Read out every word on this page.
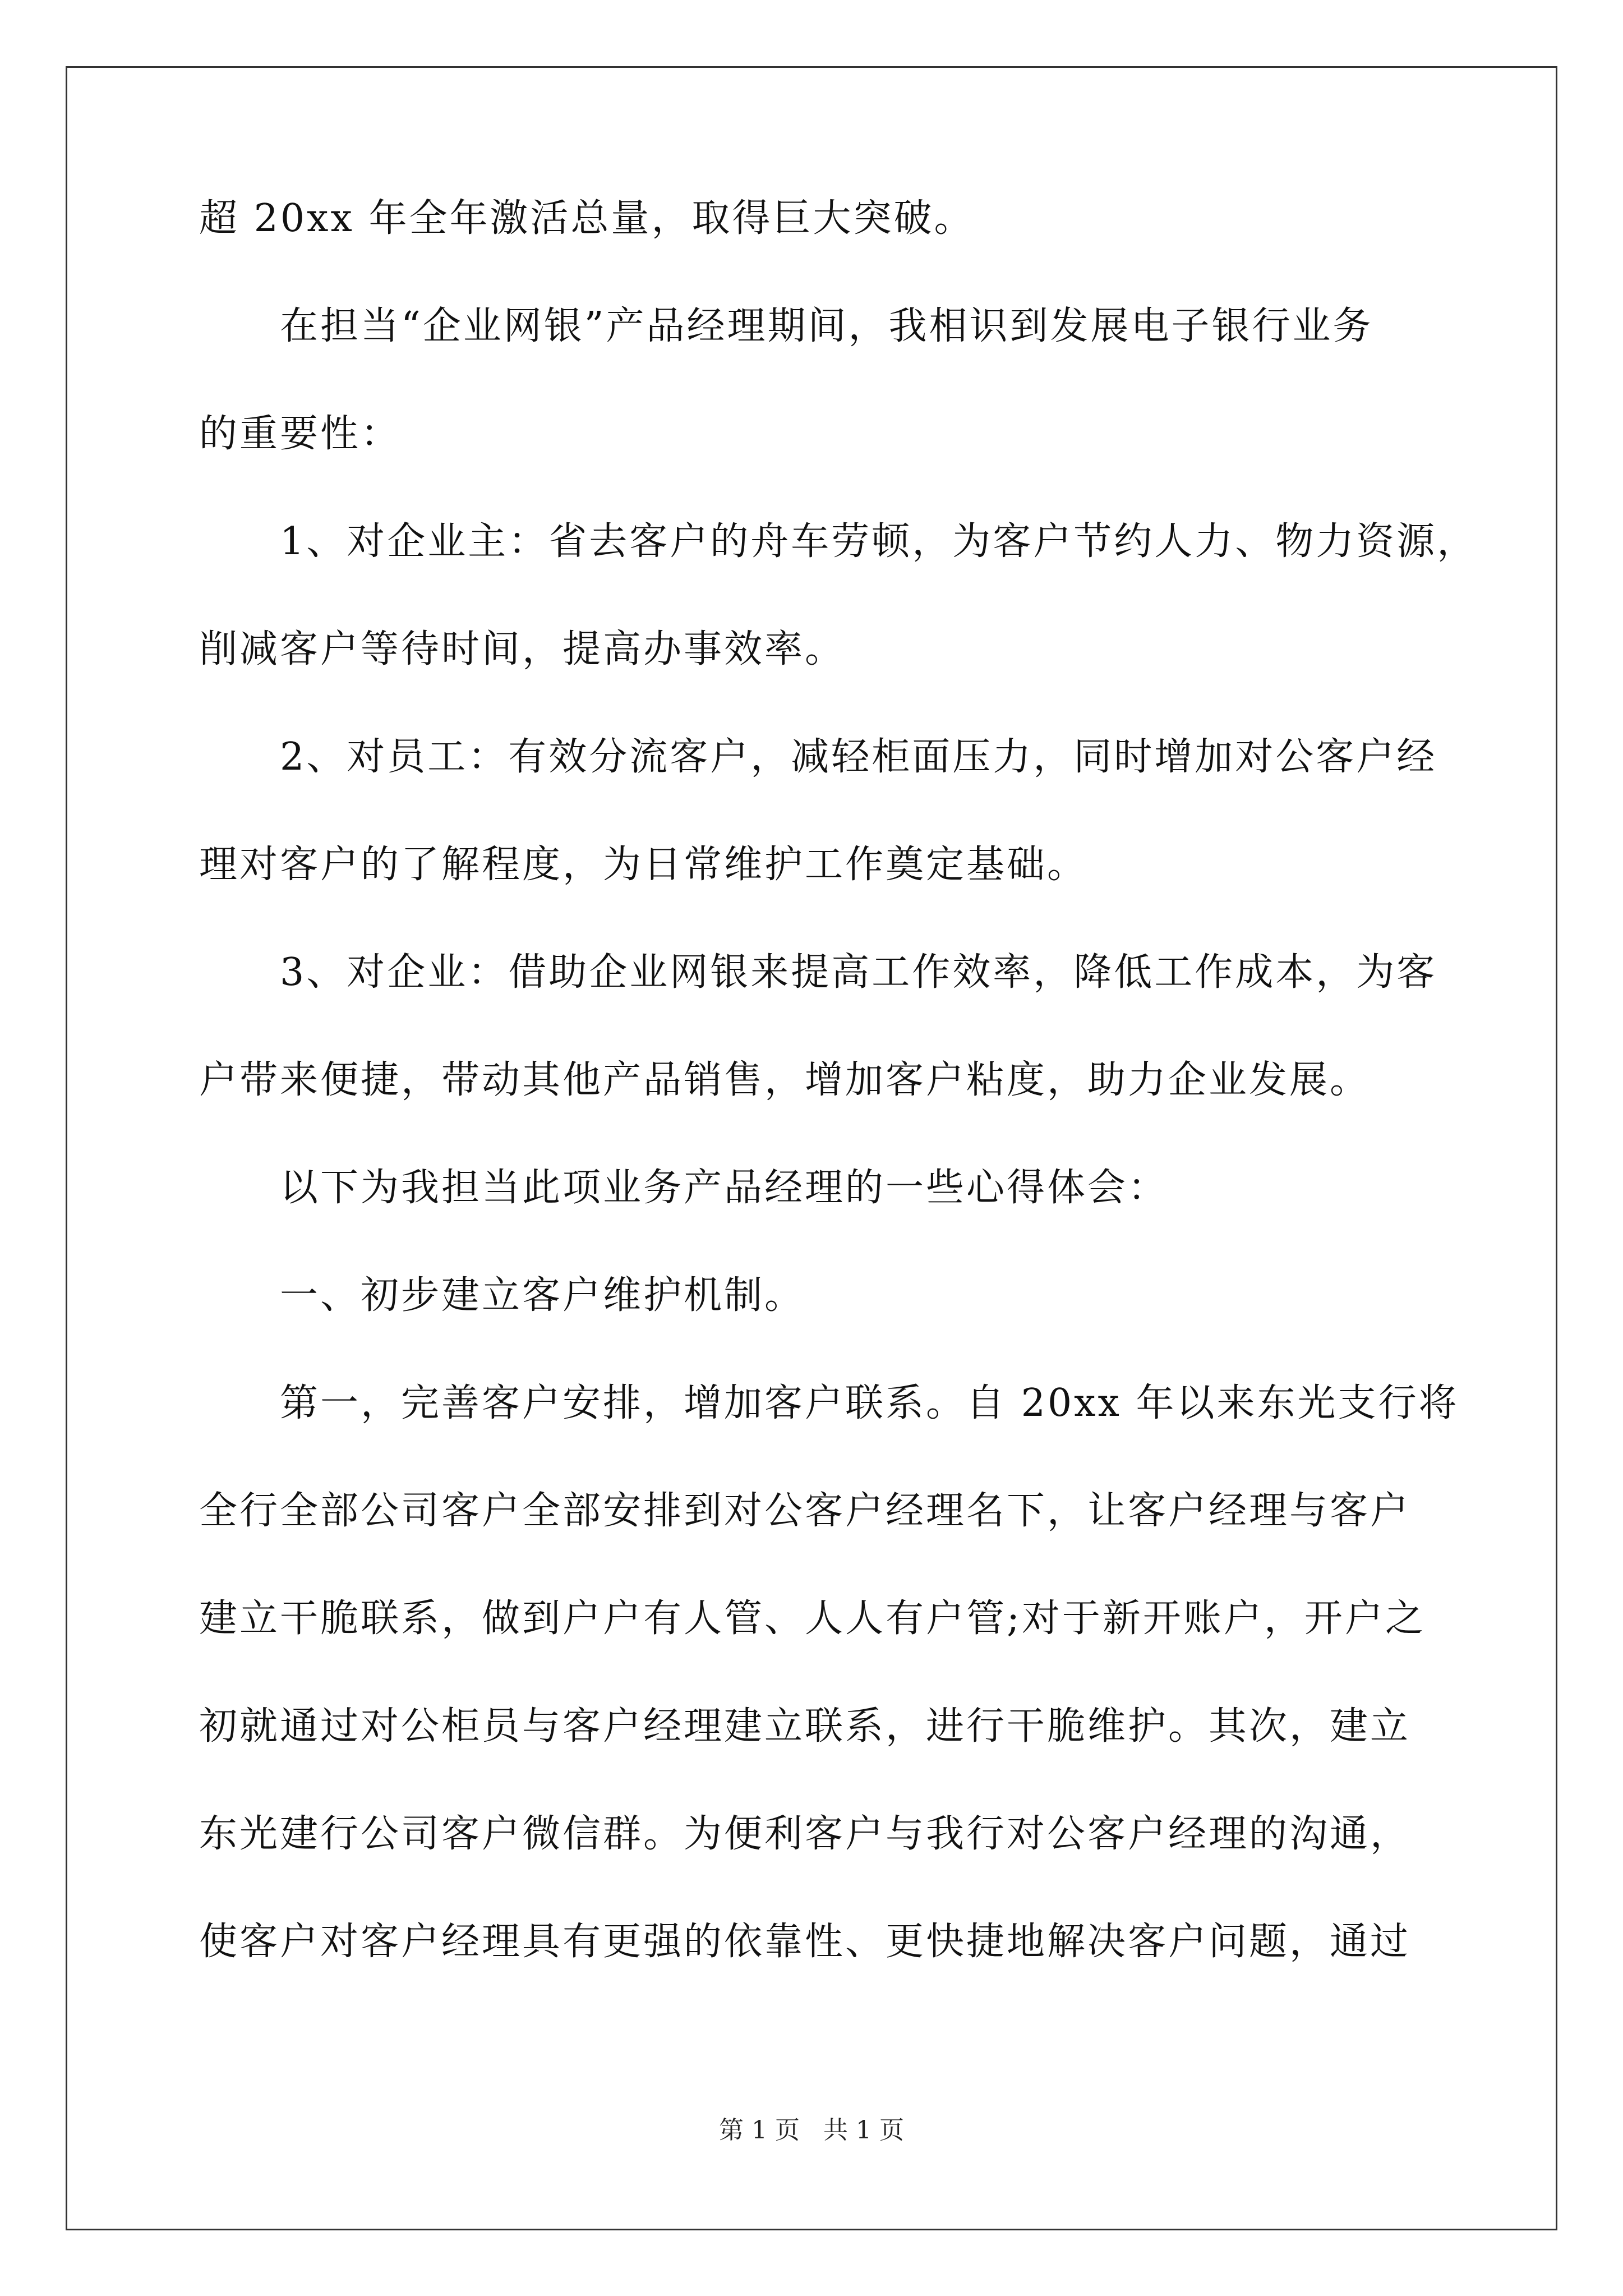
超 20xx 年全年激活总量，取得巨大突破。
　　在担当“企业网银”产品经理期间，我相识到发展电子银行业务
的重要性：
　　1、对企业主：省去客户的舟车劳顿，为客户节约人力、物力资源，
削减客户等待时间，提高办事效率。
　　2、对员工：有效分流客户，减轻柜面压力，同时增加对公客户经
理对客户的了解程度，为日常维护工作奠定基础。
　　3、对企业：借助企业网银来提高工作效率，降低工作成本，为客
户带来便捷，带动其他产品销售，增加客户粘度，助力企业发展。
　　以下为我担当此项业务产品经理的一些心得体会：
　　一、初步建立客户维护机制。
　　第一，完善客户安排，增加客户联系。自 20xx 年以来东光支行将
全行全部公司客户全部安排到对公客户经理名下，让客户经理与客户
建立干脆联系，做到户户有人管、人人有户管;对于新开账户，开户之
初就通过对公柜员与客户经理建立联系，进行干脆维护。其次，建立
东光建行公司客户微信群。为便利客户与我行对公客户经理的沟通，
使客户对客户经理具有更强的依靠性、更快捷地解决客户问题，通过
第 1 页 共 1 页
